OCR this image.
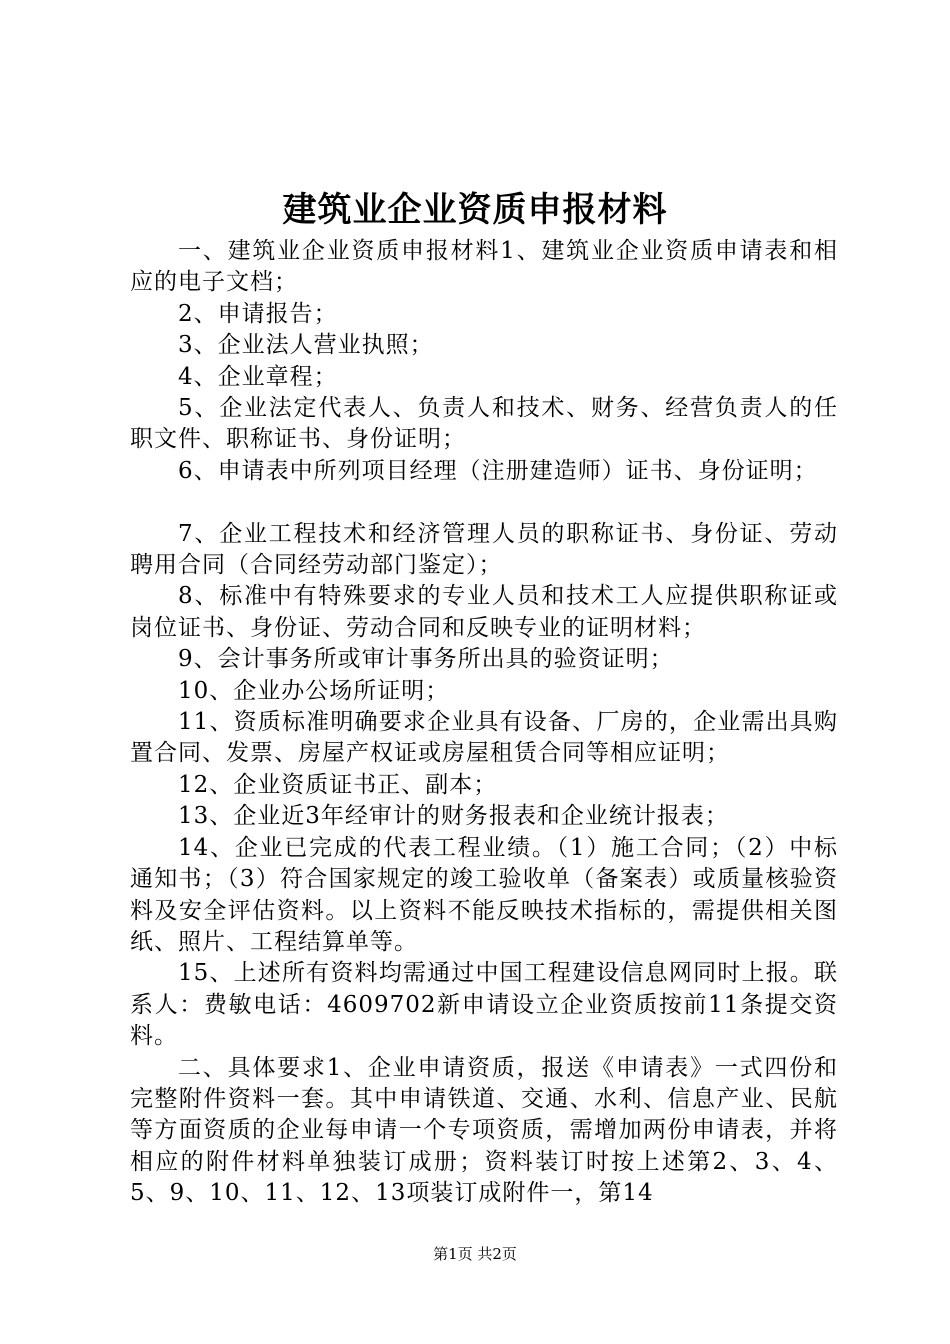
建筑业企业资质申报材料

一、建筑业企业资质申报材料1、建筑业企业资质申请表和相应的电子文档；

2、申请报告；

3、企业法人营业执照；

4、企业章程；

5、企业法定代表人、负责人和技术、财务、经营负责人的任职文件、职称证书、身份证明；

6、申请表中所列项目经理（注册建造师）证书、身份证明；

7、企业工程技术和经济管理人员的职称证书、身份证、劳动聘用合同（合同经劳动部门鉴定）；

8、标准中有特殊要求的专业人员和技术工人应提供职称证或岗位证书、身份证、劳动合同和反映专业的证明材料；

9、会计事务所或审计事务所出具的验资证明；

10、企业办公场所证明；

11、资质标准明确要求企业具有设备、厂房的，企业需出具购置合同、发票、房屋产权证或房屋租赁合同等相应证明；

12、企业资质证书正、副本；

13、企业近3年经审计的财务报表和企业统计报表；

14、企业已完成的代表工程业绩。（1）施工合同；（2）中标通知书；（3）符合国家规定的竣工验收单（备案表）或质量核验资料及安全评估资料。以上资料不能反映技术指标的，需提供相关图纸、照片、工程结算单等。

15、上述所有资料均需通过中国工程建设信息网同时上报。联系人：费敏电话：4609702新申请设立企业资质按前11条提交资料。

二、具体要求1、企业申请资质，报送《申请表》一式四份和完整附件资料一套。其中申请铁道、交通、水利、信息产业、民航等方面资质的企业每申请一个专项资质，需增加两份申请表，并将相应的附件材料单独装订成册；资料装订时按上述第2、3、4、5、9、10、11、12、13项装订成附件一，第14

第1页 共2页
